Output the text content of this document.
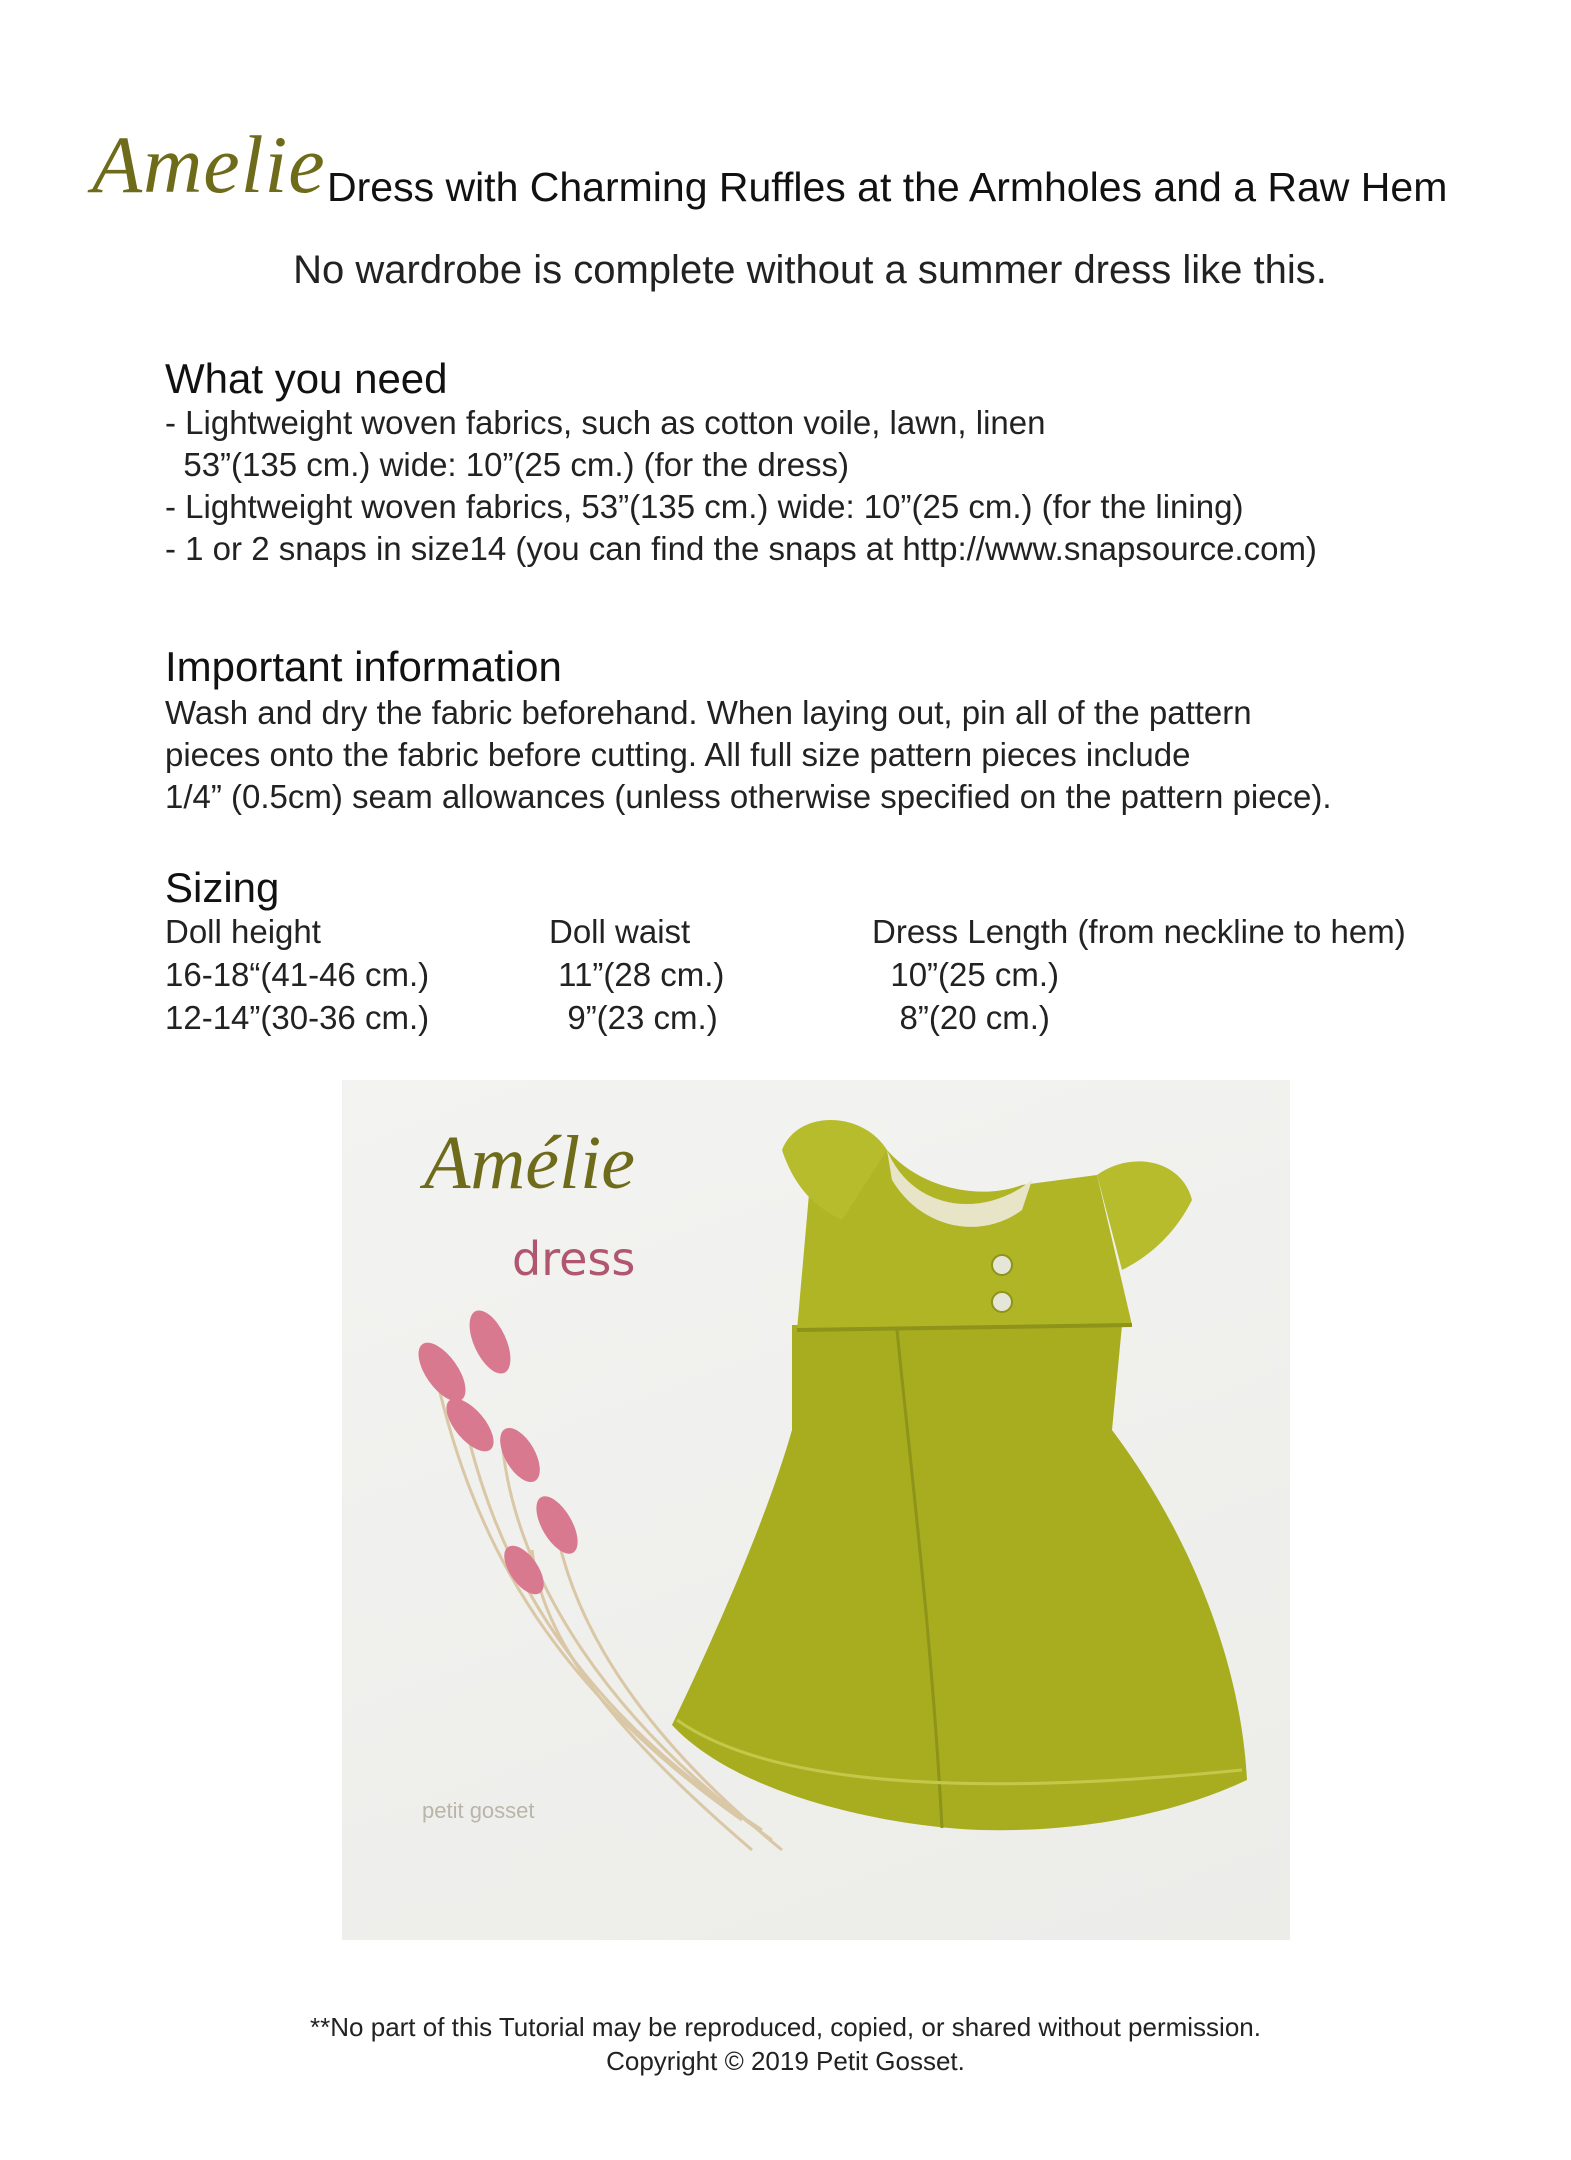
Amelie Dress with Charming Ruffles at the Armholes and a Raw Hem
No wardrobe is complete without a summer dress like this.
What you need
- Lightweight woven fabrics, such as cotton voile, lawn, linen
53”(135 cm.) wide: 10”(25 cm.) (for the dress)
- Lightweight woven fabrics, 53”(135 cm.) wide: 10”(25 cm.) (for the lining)
- 1 or 2 snaps in size14 (you can find the snaps at http://www.snapsource.com)
Important information
Wash and dry the fabric beforehand. When laying out, pin all of the pattern
pieces onto the fabric before cutting. All full size pattern pieces include
1/4” (0.5cm) seam allowances (unless otherwise specified on the pattern piece).
Sizing
Doll height
16-18“(41-46 cm.)
12-14”(30-36 cm.)
Doll waist
11”(28 cm.)
9”(23 cm.)
Dress Length (from neckline to hem)
10”(25 cm.)
8”(20 cm.)
Amélie
dress
petit gosset
**No part of this Tutorial may be reproduced, copied, or shared without permission.
Copyright © 2019 Petit Gosset.
